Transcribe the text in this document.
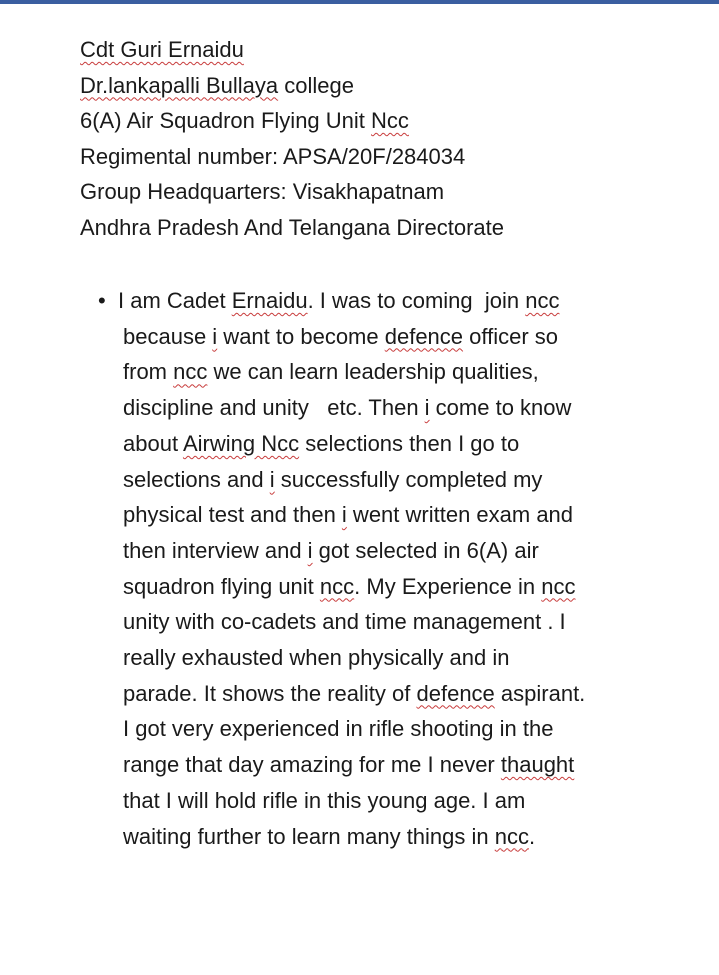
Cdt Guri Ernaidu
Dr.lankapalli Bullaya college
6(A) Air Squadron Flying Unit Ncc
Regimental number: APSA/20F/284034
Group Headquarters: Visakhapatnam
Andhra Pradesh And Telangana Directorate
• I am Cadet Ernaidu. I was to coming  join ncc
because i want to become defence officer so
from ncc we can learn leadership qualities,
discipline and unity   etc. Then i come to know
about Airwing Ncc selections then I go to
selections and i successfully completed my
physical test and then i went written exam and
then interview and i got selected in 6(A) air
squadron flying unit ncc. My Experience in ncc
unity with co-cadets and time management . I
really exhausted when physically and in
parade. It shows the reality of defence aspirant.
I got very experienced in rifle shooting in the
range that day amazing for me I never thaught
that I will hold rifle in this young age. I am
waiting further to learn many things in ncc.
